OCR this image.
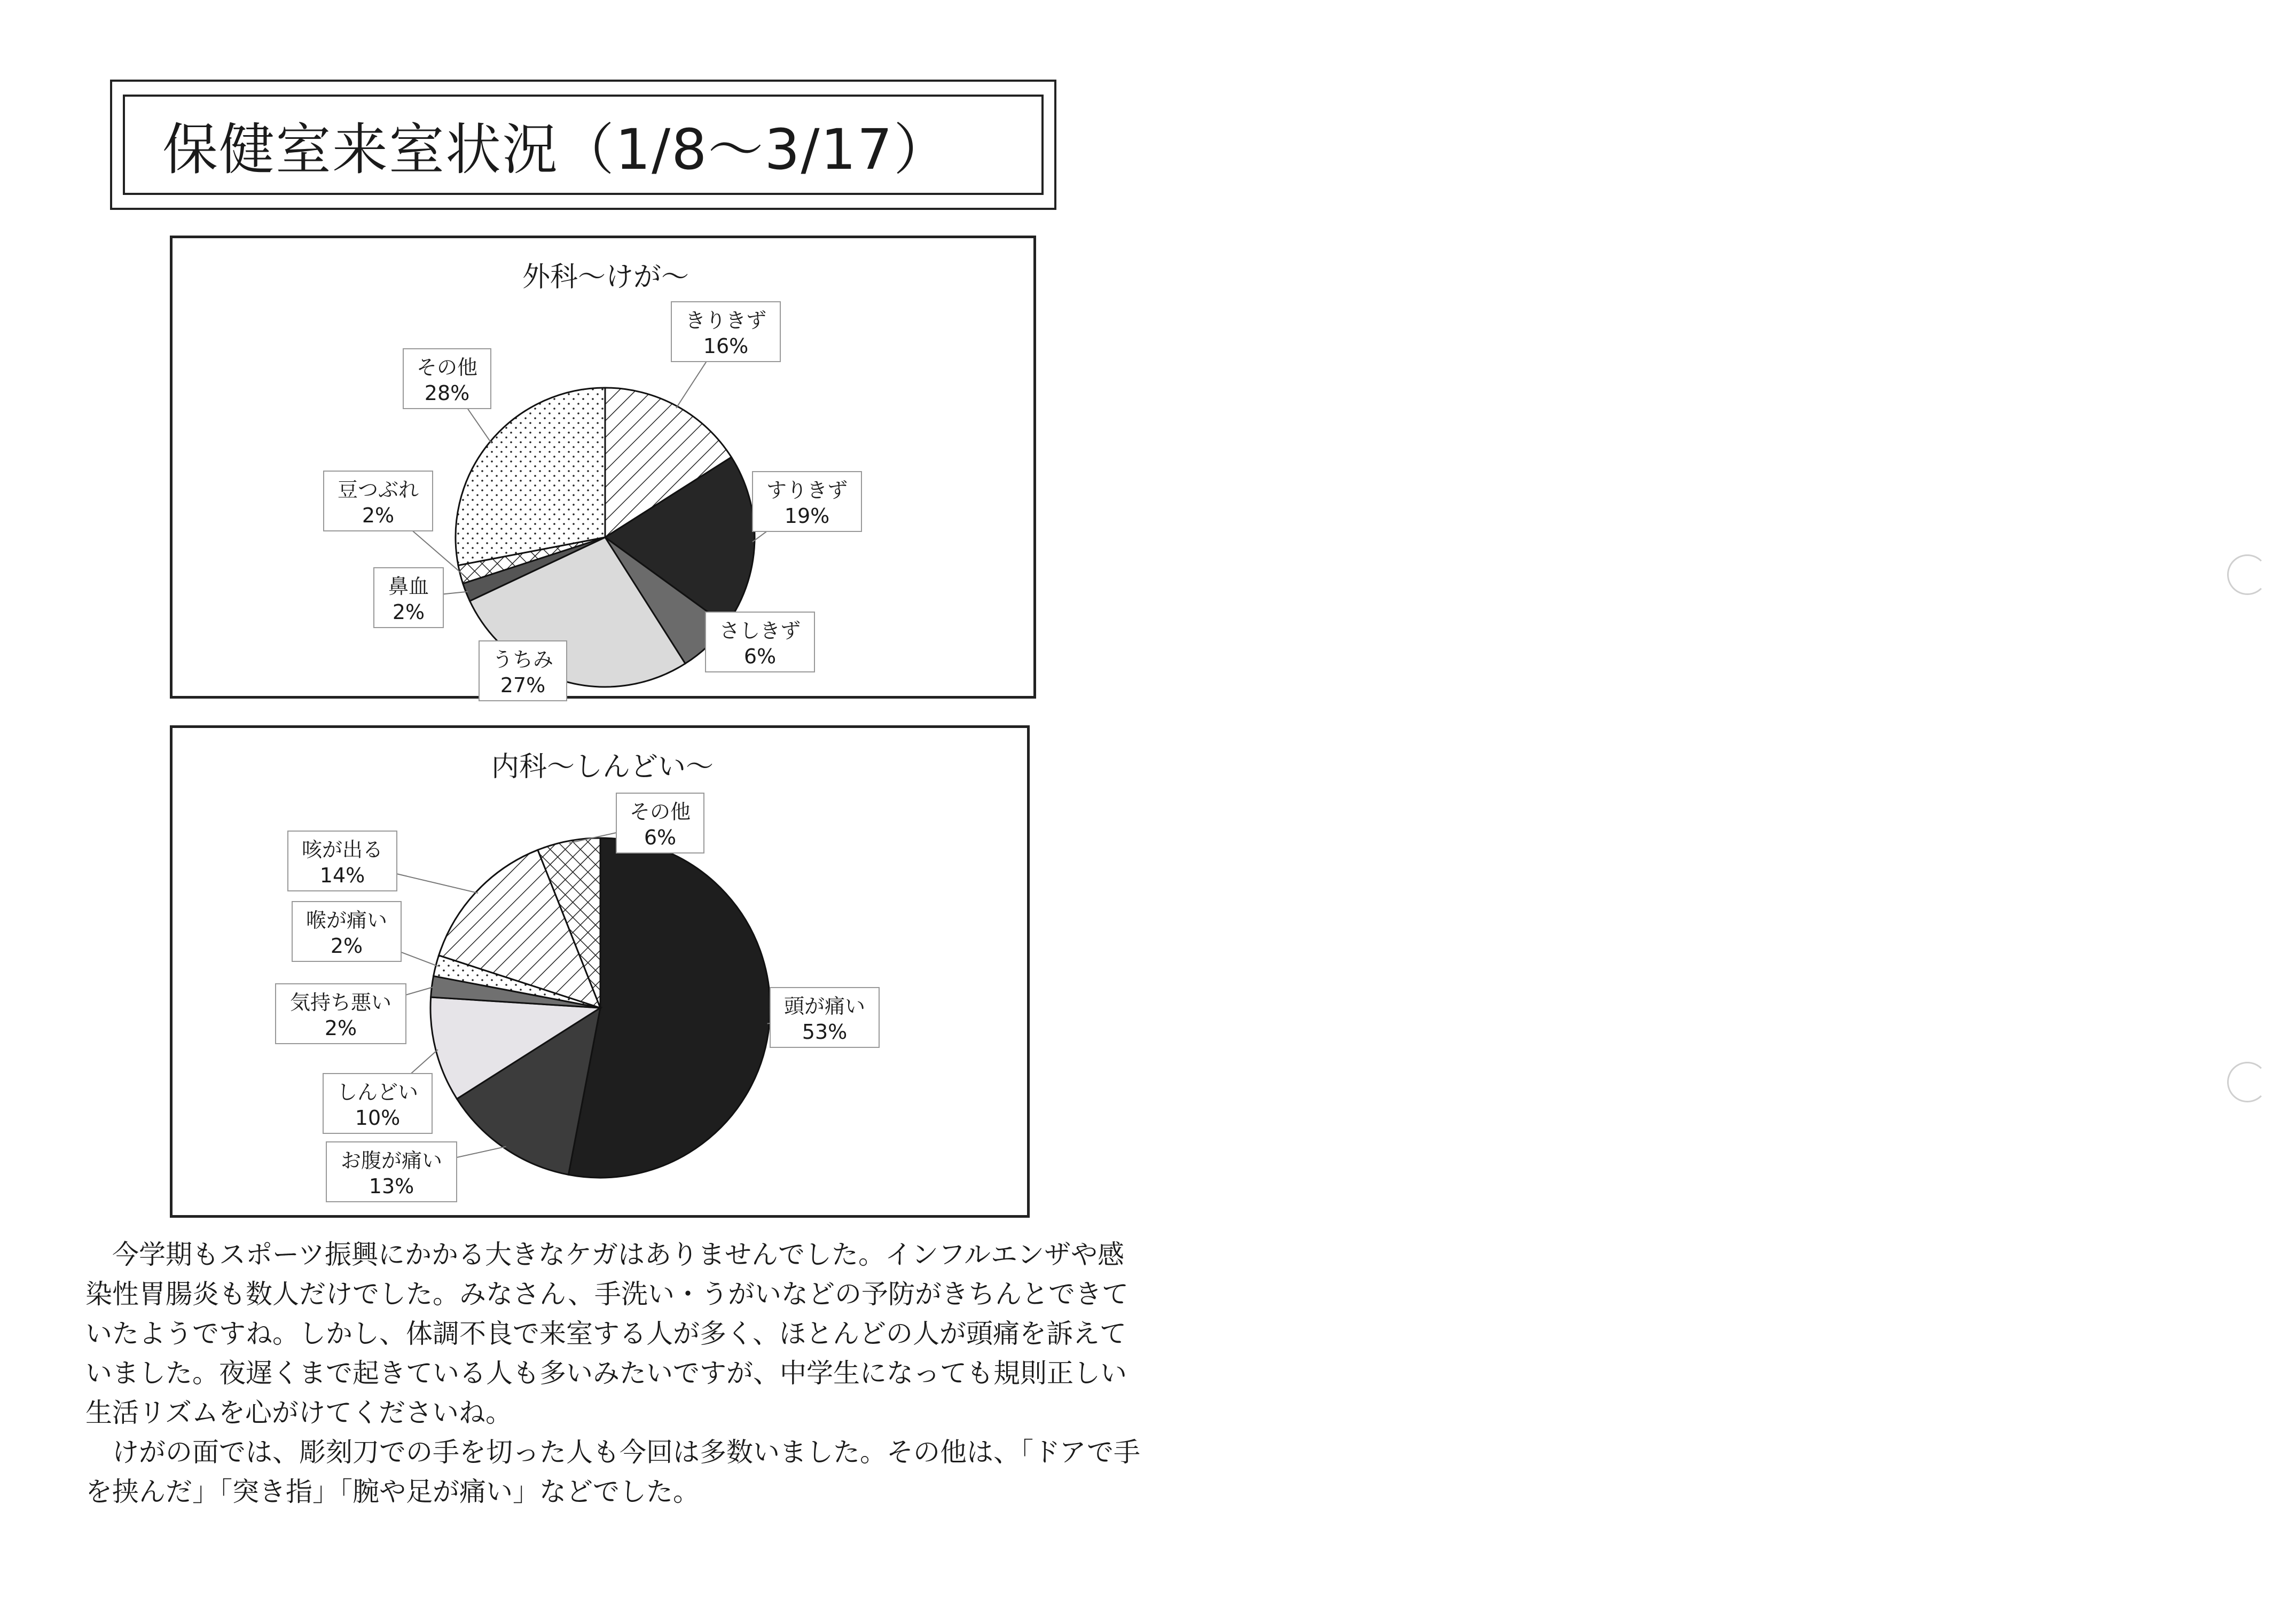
保健室来室状況（1/8～3/17）
外科～けが～
きりきず
16%
すりきず
19%
さしきず
6%
うちみ
27%
鼻血
2%
豆つぶれ
2%
その他
28%
内科～しんどい～
頭が痛い
53%
お腹が痛い
13%
しんどい
10%
気持ち悪い
2%
喉が痛い
2%
咳が出る
14%
その他
6%
　今学期もスポーツ振興にかかる大きなケガはありませんでした。インフルエンザや感
染性胃腸炎も数人だけでした。みなさん、手洗い・うがいなどの予防がきちんとできて
いたようですね。しかし、体調不良で来室する人が多く、ほとんどの人が頭痛を訴えて
いました。夜遅くまで起きている人も多いみたいですが、中学生になっても規則正しい
生活リズムを心がけてくださいね。
　けがの面では、彫刻刀での手を切った人も今回は多数いました。その他は、「ドアで手
を挟んだ」「突き指」「腕や足が痛い」などでした。
